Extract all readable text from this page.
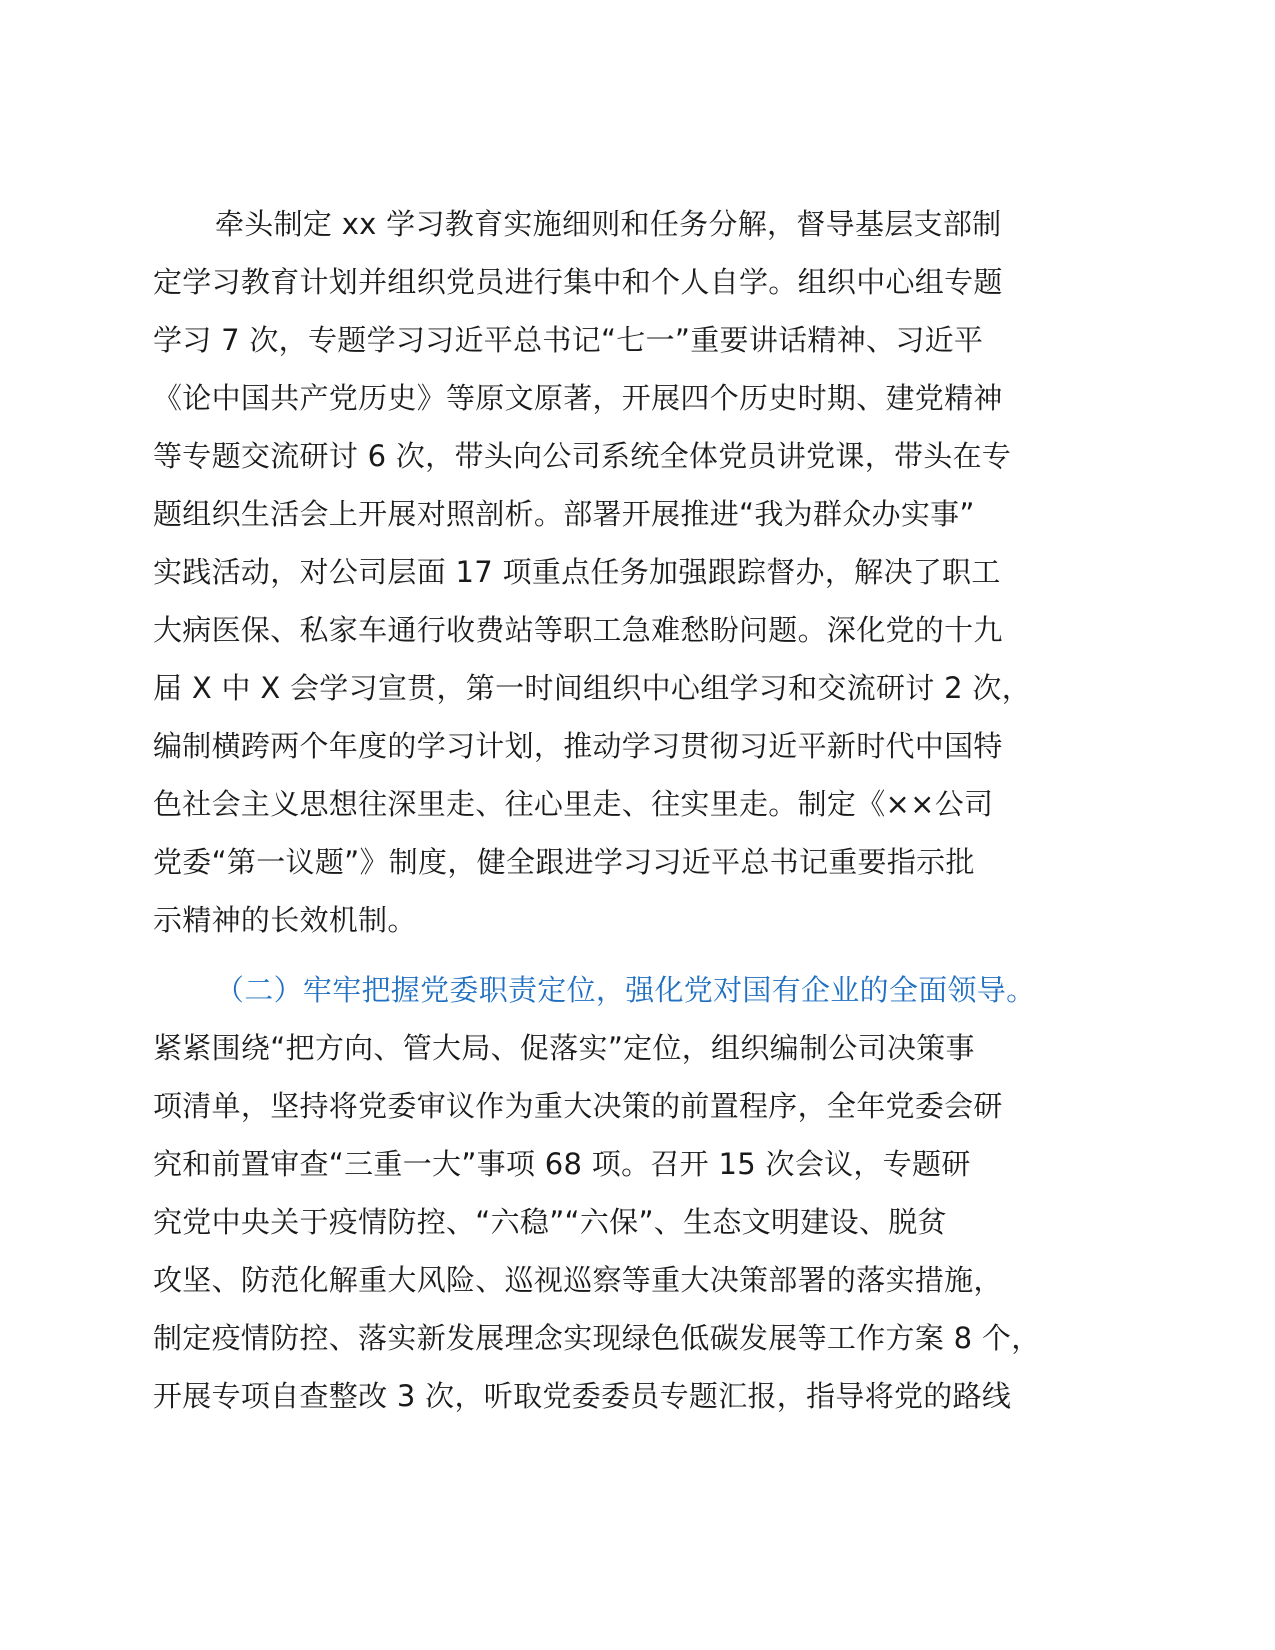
牵头制定 xx 学习教育实施细则和任务分解，督导基层支部制
定学习教育计划并组织党员进行集中和个人自学。组织中心组专题
学习 7 次，专题学习习近平总书记“七一”重要讲话精神、习近平
《论中国共产党历史》等原文原著，开展四个历史时期、建党精神
等专题交流研讨 6 次，带头向公司系统全体党员讲党课，带头在专
题组织生活会上开展对照剖析。部署开展推进“我为群众办实事”
实践活动，对公司层面 17 项重点任务加强跟踪督办，解决了职工
大病医保、私家车通行收费站等职工急难愁盼问题。深化党的十九
届 X 中 X 会学习宣贯，第一时间组织中心组学习和交流研讨 2 次，
编制横跨两个年度的学习计划，推动学习贯彻习近平新时代中国特
色社会主义思想往深里走、往心里走、往实里走。制定《××公司
党委“第一议题”》制度，健全跟进学习习近平总书记重要指示批
示精神的长效机制。
（二）牢牢把握党委职责定位，强化党对国有企业的全面领导。
紧紧围绕“把方向、管大局、促落实”定位，组织编制公司决策事
项清单，坚持将党委审议作为重大决策的前置程序，全年党委会研
究和前置审查“三重一大”事项 68 项。召开 15 次会议，专题研
究党中央关于疫情防控、“六稳”“六保”、生态文明建设、脱贫
攻坚、防范化解重大风险、巡视巡察等重大决策部署的落实措施，
制定疫情防控、落实新发展理念实现绿色低碳发展等工作方案 8 个，
开展专项自查整改 3 次，听取党委委员专题汇报，指导将党的路线
